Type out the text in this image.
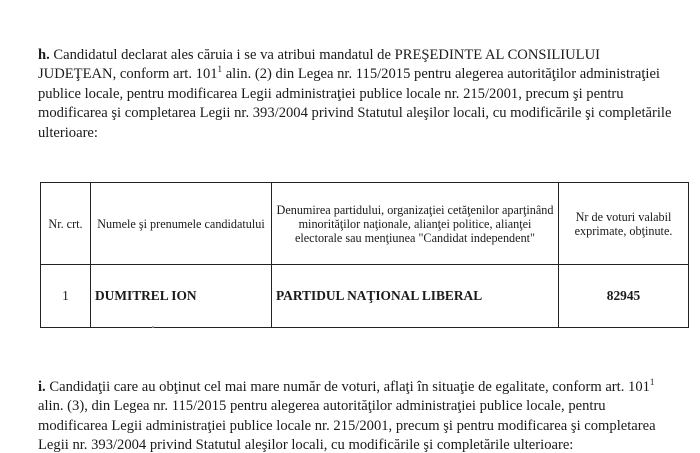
h. Candidatul declarat ales căruia i se va atribui mandatul de PREŞEDINTE AL CONSILIULUI JUDEŢEAN, conform art. $101^1$ alin. (2) din Legea nr. 115/2015 pentru alegerea autorităţilor administraţiei publice locale, pentru modificarea Legii administraţiei publice locale nr. 215/2001, precum şi pentru modificarea şi completarea Legii nr. 393/2004 privind Statutul aleşilor locali, cu modificările şi completările ulterioare:

Nr. crt.	Numele şi prenumele candidatului	Denumirea partidului, organizaţiei cetăţenilor aparţinând minorităţilor naţionale, alianţei politice, alianţei electorale sau menţiunea "Candidat independent"	Nr de voturi valabil exprimate, obţinute.
1	DUMITREL ION	PARTIDUL NAŢIONAL LIBERAL	82945

i. Candidaţii care au obţinut cel mai mare număr de voturi, aflaţi în situaţie de egalitate, conform art. $101^1$ alin. (3), din Legea nr. 115/2015 pentru alegerea autorităţilor administraţiei publice locale, pentru modificarea Legii administraţiei publice locale nr. 215/2001, precum şi pentru modificarea şi completarea Legii nr. 393/2004 privind Statutul aleşilor locali, cu modificările şi completările ulterioare:
